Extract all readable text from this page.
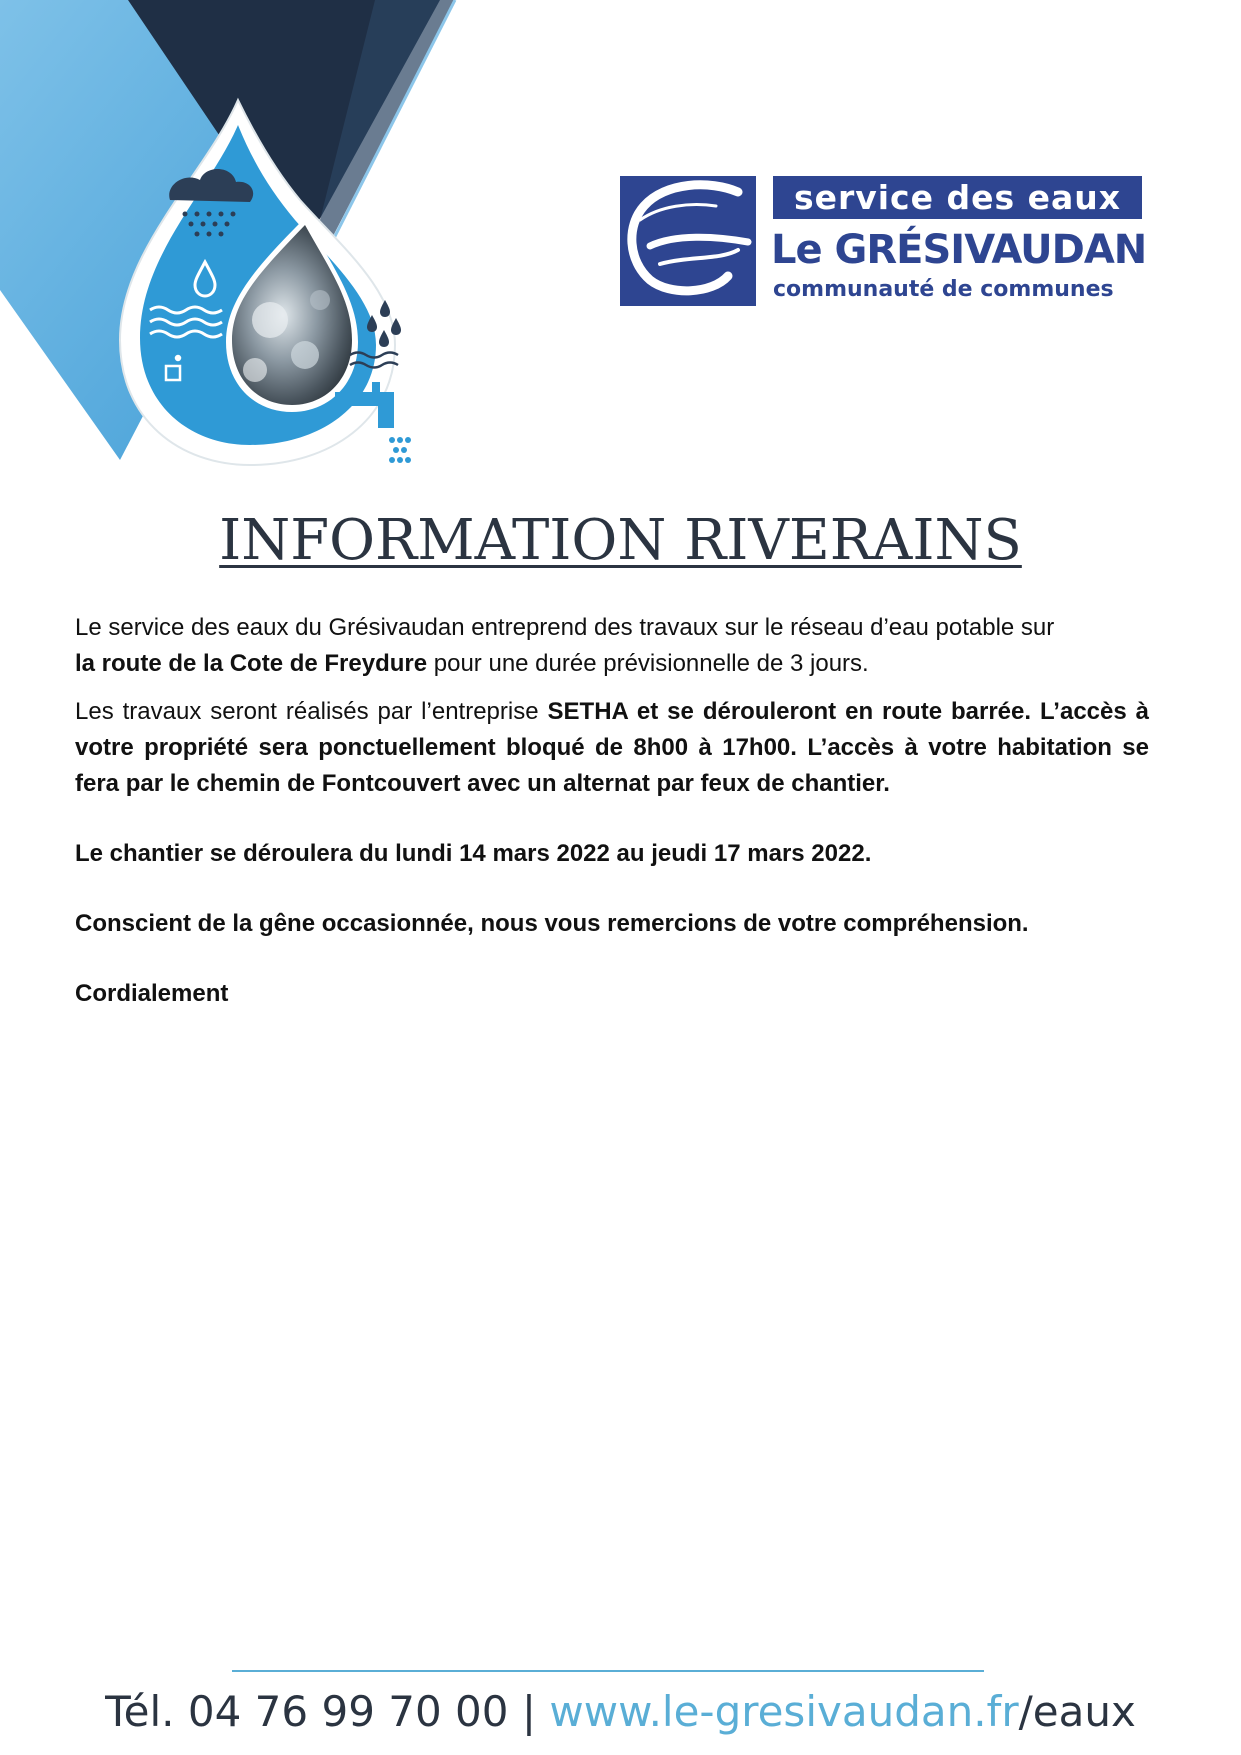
service des eaux
Le GRÉSIVAUDAN
communauté de communes
INFORMATION RIVERAINS

Le service des eaux du Grésivaudan entreprend des travaux sur le réseau d’eau potable sur
la route de la Cote de Freydure pour une durée prévisionnelle de 3 jours.

Les travaux seront réalisés par l’entreprise SETHA et se dérouleront en route barrée. L’accès à votre propriété sera ponctuellement bloqué de 8h00 à 17h00. L’accès à votre habitation se fera par le chemin de Fontcouvert avec un alternat par feux de chantier.

Le chantier se déroulera du lundi 14 mars 2022 au jeudi 17 mars 2022.

Conscient de la gêne occasionnée, nous vous remercions de votre compréhension.

Cordialement

Tél. 04 76 99 70 00 | www.le-gresivaudan.fr/eaux
